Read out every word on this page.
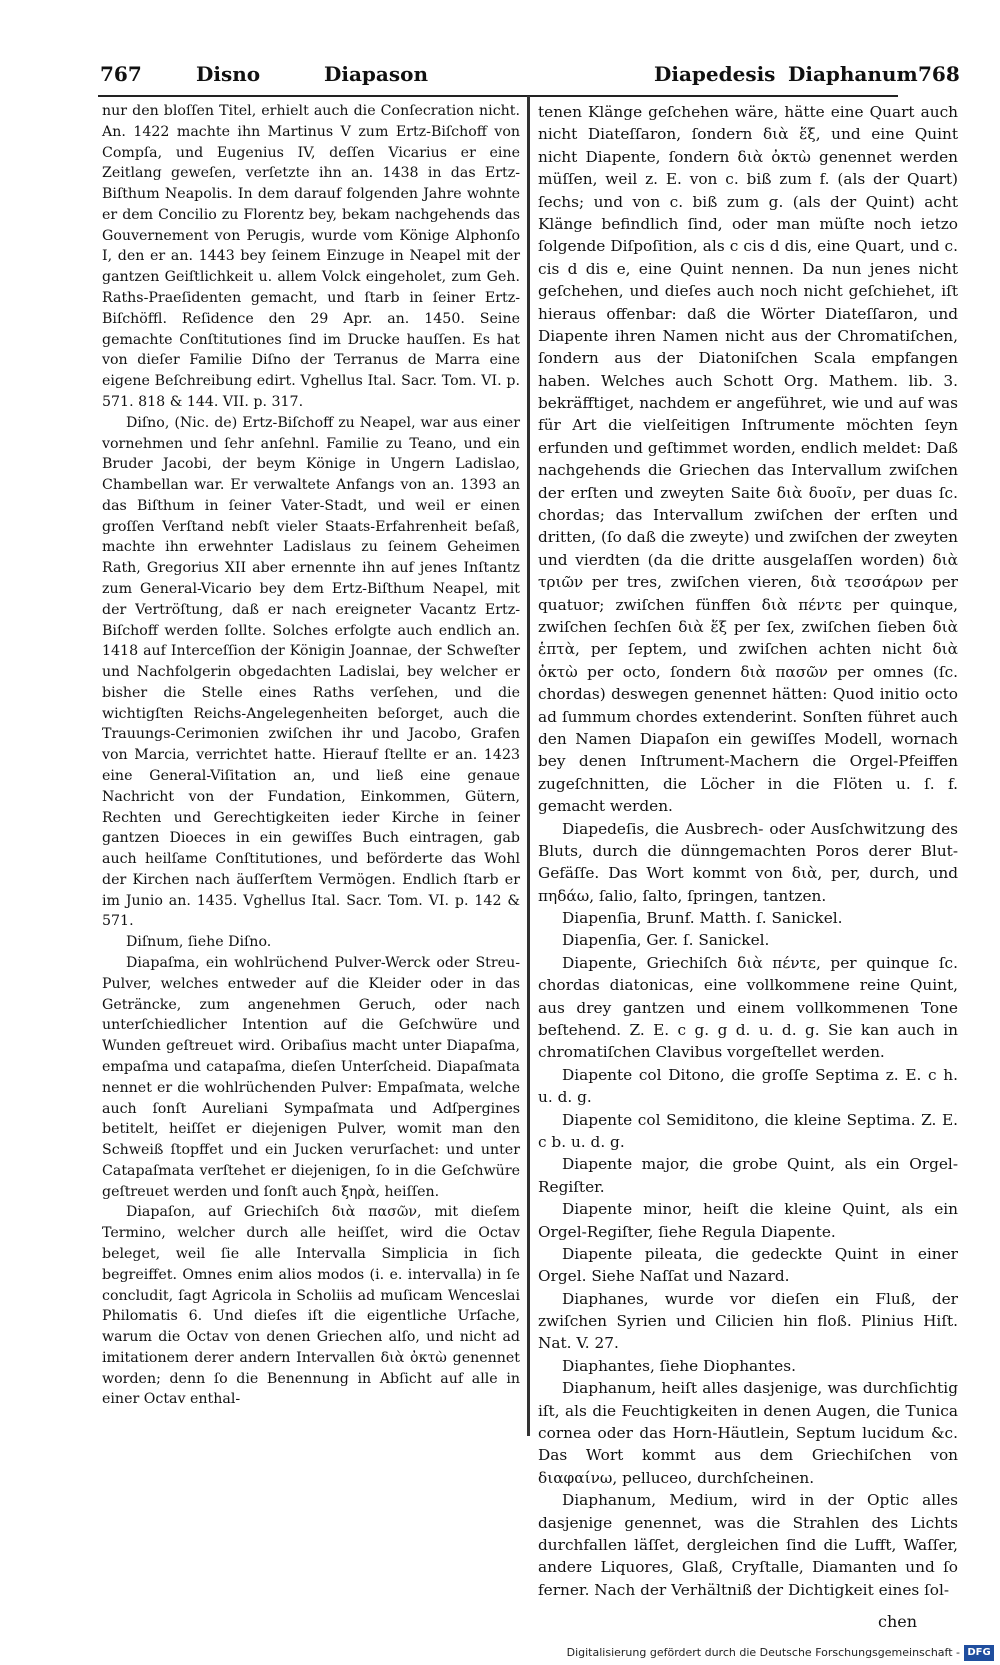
767	Disno	Diapason	Diapedesis Diaphanum 768

nur den bloſſen Titel, erhielt auch die Conſecration nicht. An. 1422 machte ihn Martinus V zum Ertz-Biſchoff von Compſa, und Eugenius IV, deſſen Vicarius er eine Zeitlang geweſen, verſetzte ihn an. 1438 in das Ertz-Biſthum Neapolis. In dem darauf folgenden Jahre wohnte er dem Concilio zu Florentz bey, bekam nachgehends das Gouvernement von Perugis, wurde vom Könige Alphonſo I, den er an. 1443 bey ſeinem Einzuge in Neapel mit der gantzen Geiſtlichkeit u. allem Volck eingeholet, zum Geh. Raths-Praeſidenten gemacht, und ſtarb in ſeiner Ertz-Biſchöffl. Reſidence den 29 Apr. an. 1450. Seine gemachte Conſtitutiones ſind im Drucke hauſſen. Es hat von dieſer Familie Diſno der Terranus de Marra eine eigene Beſchreibung edirt. Vghellus Ital. Sacr. Tom. VI. p. 571. 818 & 144. VII. p. 317.

Diſno, (Nic. de) Ertz-Biſchoff zu Neapel, war aus einer vornehmen und ſehr anſehnl. Familie zu Teano, und ein Bruder Jacobi, der beym Könige in Ungern Ladislao, Chambellan war. Er verwaltete Anfangs von an. 1393 an das Biſthum in ſeiner Vater-Stadt, und weil er einen groſſen Verſtand nebſt vieler Staats-Erfahrenheit beſaß, machte ihn erwehnter Ladislaus zu ſeinem Geheimen Rath, Gregorius XII aber ernennte ihn auf jenes Inſtantz zum General-Vicario bey dem Ertz-Biſthum Neapel, mit der Vertröſtung, daß er nach ereigneter Vacantz Ertz-Biſchoff werden ſollte. Solches erfolgte auch endlich an. 1418 auf Interceſſion der Königin Joannae, der Schweſter und Nachfolgerin obgedachten Ladislai, bey welcher er bisher die Stelle eines Raths verſehen, und die wichtigſten Reichs-Angelegenheiten beſorget, auch die Trauungs-Cerimonien zwiſchen ihr und Jacobo, Grafen von Marcia, verrichtet hatte. Hierauf ſtellte er an. 1423 eine General-Viſitation an, und ließ eine genaue Nachricht von der Fundation, Einkommen, Gütern, Rechten und Gerechtigkeiten ieder Kirche in ſeiner gantzen Dioeces in ein gewiſſes Buch eintragen, gab auch heilſame Conſtitutiones, und beförderte das Wohl der Kirchen nach äuſſerſtem Vermögen. Endlich ſtarb er im Junio an. 1435. Vghellus Ital. Sacr. Tom. VI. p. 142 & 571.

Diſnum, ſiehe Diſno.

Diapaſma, ein wohlrüchend Pulver-Werck oder Streu-Pulver, welches entweder auf die Kleider oder in das Geträncke, zum angenehmen Geruch, oder nach unterſchiedlicher Intention auf die Geſchwüre und Wunden geſtreuet wird. Oribaſius macht unter Diapaſma, empaſma und catapaſma, dieſen Unterſcheid. Diapaſmata nennet er die wohlrüchenden Pulver: Empaſmata, welche auch ſonſt Aureliani Sympaſmata und Adſpergines betitelt, heiſſet er diejenigen Pulver, womit man den Schweiß ſtopffet und ein Jucken verurſachet: und unter Catapaſmata verſtehet er diejenigen, ſo in die Geſchwüre geſtreuet werden und ſonſt auch ξηρὰ, heiſſen.

Diapaſon, auf Griechiſch διὰ πασῶν, mit dieſem Termino, welcher durch alle heiſſet, wird die Octav beleget, weil ſie alle Intervalla Simplicia in ſich begreiffet. Omnes enim alios modos (i. e. intervalla) in ſe concludit, ſagt Agricola in Scholiis ad muſicam Wenceslai Philomatis 6. Und dieſes iſt die eigentliche Urſache, warum die Octav von denen Griechen alſo, und nicht ad imitationem derer andern Intervallen διὰ ὀκτὼ genennet worden; denn ſo die Benennung in Abſicht auf alle in einer Octav enthal-

tenen Klänge geſchehen wäre, hätte eine Quart auch nicht Diateſſaron, ſondern διὰ ἕξ, und eine Quint nicht Diapente, ſondern διὰ ὀκτὼ genennet werden müſſen, weil z. E. von c. biß zum f. (als der Quart) ſechs; und von c. biß zum g. (als der Quint) acht Klänge befindlich ſind, oder man müſte noch ietzo ſolgende Diſpoſition, als c cis d dis, eine Quart, und c. cis d dis e, eine Quint nennen. Da nun jenes nicht geſchehen, und dieſes auch noch nicht geſchiehet, iſt hieraus offenbar: daß die Wörter Diateſſaron, und Diapente ihren Namen nicht aus der Chromatiſchen, ſondern aus der Diatoniſchen Scala empfangen haben. Welches auch Schott Org. Mathem. lib. 3. bekräfftiget, nachdem er angeführet, wie und auf was für Art die vielſeitigen Inſtrumente möchten ſeyn erfunden und geſtimmet worden, endlich meldet: Daß nachgehends die Griechen das Intervallum zwiſchen der erſten und zweyten Saite διὰ δυοῖν, per duas ſc. chordas; das Intervallum zwiſchen der erſten und dritten, (ſo daß die zweyte) und zwiſchen der zweyten und vierdten (da die dritte ausgelaſſen worden) διὰ τριῶν per tres, zwiſchen vieren, διὰ τεσσάρων per quatuor; zwiſchen fünffen διὰ πέντε per quinque, zwiſchen ſechſen διὰ ἕξ per ſex, zwiſchen ſieben διὰ ἑπτὰ, per ſeptem, und zwiſchen achten nicht διὰ ὀκτὼ per octo, ſondern διὰ πασῶν per omnes (ſc. chordas) deswegen genennet hätten: Quod initio octo ad ſummum chordes extenderint. Sonſten führet auch den Namen Diapaſon ein gewiſſes Modell, wornach bey denen Inſtrument-Machern die Orgel-Pfeiffen zugeſchnitten, die Löcher in die Flöten u. ſ. f. gemacht werden.

Diapedeſis, die Ausbrech- oder Ausſchwitzung des Bluts, durch die dünngemachten Poros derer Blut-Gefäſſe. Das Wort kommt von διὰ, per, durch, und πηδάω, ſalio, ſalto, ſpringen, tantzen.

Diapenſia, Brunf. Matth. ſ. Sanickel.

Diapenſia, Ger. ſ. Sanickel.

Diapente, Griechiſch διὰ πέντε, per quinque ſc. chordas diatonicas, eine vollkommene reine Quint, aus drey gantzen und einem vollkommenen Tone beſtehend. Z. E. c g. g d. u. d. g. Sie kan auch in chromatiſchen Clavibus vorgeſtellet werden.

Diapente col Ditono, die groſſe Septima z. E. c h. u. d. g.

Diapente col Semiditono, die kleine Septima. Z. E. c b. u. d. g.

Diapente major, die grobe Quint, als ein Orgel-Regiſter.

Diapente minor, heiſt die kleine Quint, als ein Orgel-Regiſter, ſiehe Regula Diapente.

Diapente pileata, die gedeckte Quint in einer Orgel. Siehe Naſſat und Nazard.

Diaphanes, wurde vor dieſen ein Fluß, der zwiſchen Syrien und Cilicien hin floß. Plinius Hiſt. Nat. V. 27.

Diaphantes, ſiehe Diophantes.

Diaphanum, heiſt alles dasjenige, was durchſichtig iſt, als die Feuchtigkeiten in denen Augen, die Tunica cornea oder das Horn-Häutlein, Septum lucidum &c. Das Wort kommt aus dem Griechiſchen von διαφαίνω, pelluceo, durchſcheinen.

Diaphanum, Medium, wird in der Optic alles dasjenige genennet, was die Strahlen des Lichts durchfallen läſſet, dergleichen ſind die Lufft, Waſſer, andere Liquores, Glaß, Cryſtalle, Diamanten und ſo ferner. Nach der Verhältniß der Dichtigkeit eines ſol-

chen
Digitalisierung gefördert durch die Deutsche Forschungsgemeinschaft - DFG
